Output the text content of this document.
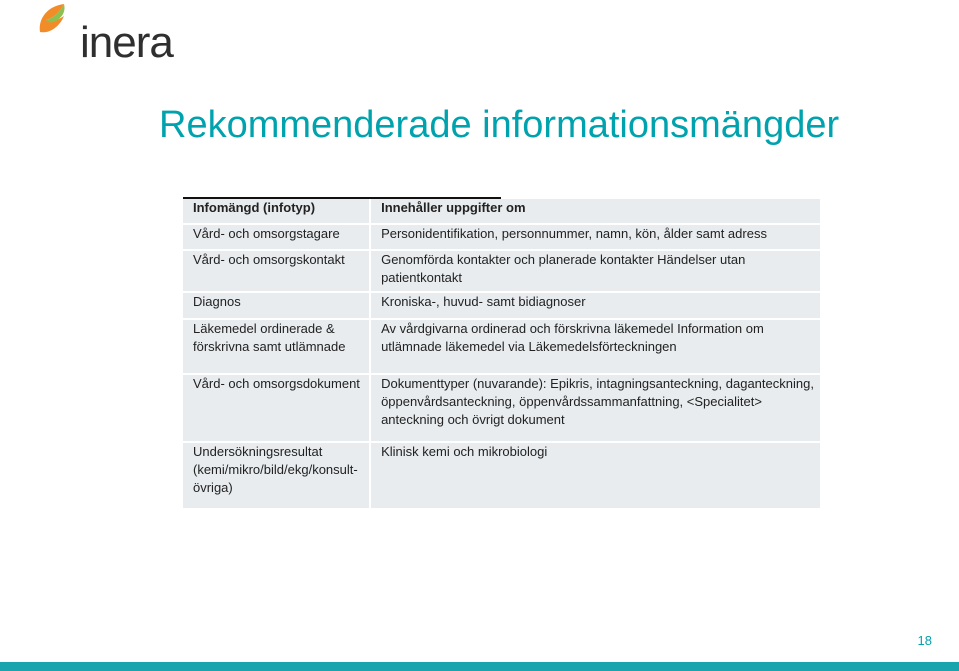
inera
Rekommenderade informationsmängder
Infomängd (infotyp)	Innehåller uppgifter om
Vård- och omsorgstagare	Personidentifikation, personnummer, namn, kön, ålder samt adress
Vård- och omsorgskontakt	Genomförda kontakter och planerade kontakter Händelser utan patientkontakt
Diagnos	Kroniska-, huvud- samt bidiagnoser
Läkemedel ordinerade & förskrivna samt utlämnade	Av vårdgivarna ordinerad och förskrivna läkemedel Information om utlämnade läkemedel via Läkemedelsförteckningen
Vård- och omsorgsdokument	Dokumenttyper (nuvarande): Epikris, intagningsanteckning, daganteckning, öppenvårdsanteckning, öppenvårdssammanfattning, <Specialitet> anteckning och övrigt dokument
Undersökningsresultat (kemi/mikro/bild/ekg/konsult-övriga)	Klinisk kemi och mikrobiologi
18
